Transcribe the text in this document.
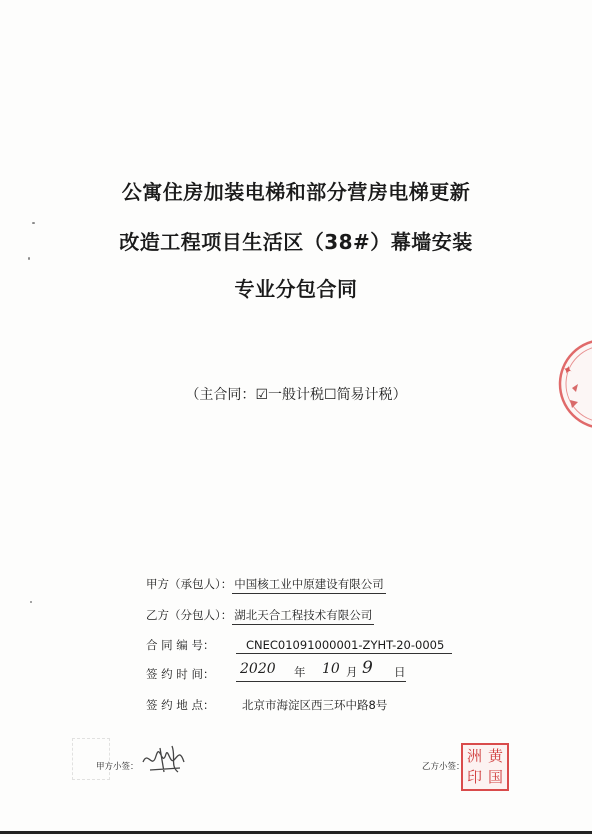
公寓住房加装电梯和部分营房电梯更新
改造工程项目生活区（38#）幕墙安装
专业分包合同
（主合同：☑一般计税☐简易计税）
甲方（承包人）： 中国核工业中原建设有限公司
乙方（分包人）： 湖北天合工程技术有限公司
合 同 编 号：	CNEC01091000001-ZYHT-20-0005
签 约 时 间： 2020 年 10 月 9 日
签 约 地 点： 北京市海淀区西三环中路8号
甲方小签：	乙方小签：
黄
洲
国
印
✦
